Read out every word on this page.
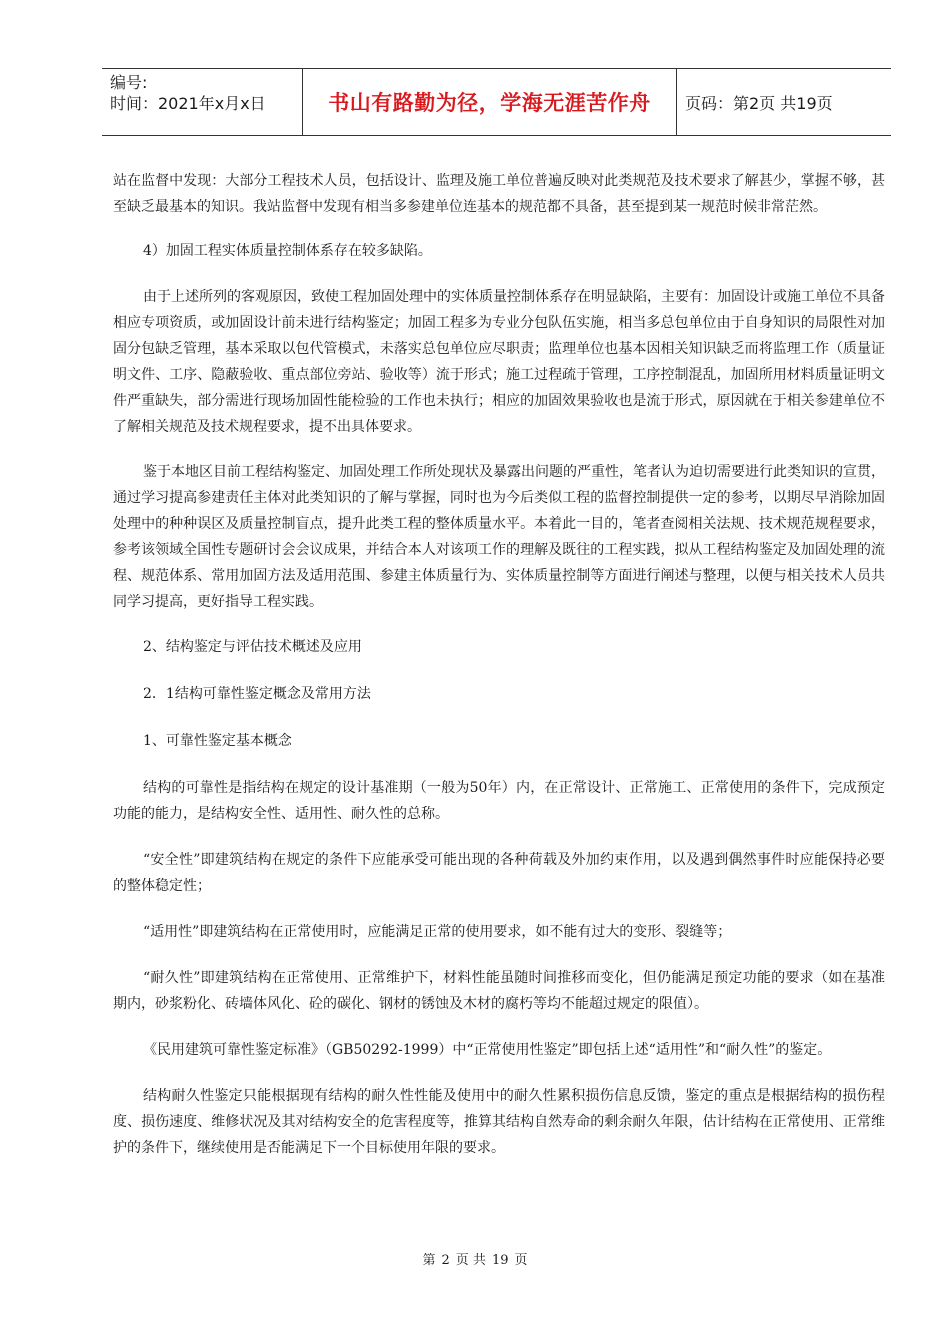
编号:
时间：2021年x月x日	书山有路勤为径，学海无涯苦作舟	页码：第2页 共19页

站在监督中发现：大部分工程技术人员，包括设计、监理及施工单位普遍反映对此类规范及技术要求了解甚少，掌握不够，甚至缺乏最基本的知识。我站监督中发现有相当多参建单位连基本的规范都不具备，甚至提到某一规范时候非常茫然。

4）加固工程实体质量控制体系存在较多缺陷。

由于上述所列的客观原因，致使工程加固处理中的实体质量控制体系存在明显缺陷，主要有：加固设计或施工单位不具备相应专项资质，或加固设计前未进行结构鉴定；加固工程多为专业分包队伍实施，相当多总包单位由于自身知识的局限性对加固分包缺乏管理，基本采取以包代管模式，未落实总包单位应尽职责；监理单位也基本因相关知识缺乏而将监理工作（质量证明文件、工序、隐蔽验收、重点部位旁站、验收等）流于形式；施工过程疏于管理，工序控制混乱，加固所用材料质量证明文件严重缺失，部分需进行现场加固性能检验的工作也未执行；相应的加固效果验收也是流于形式，原因就在于相关参建单位不了解相关规范及技术规程要求，提不出具体要求。

鉴于本地区目前工程结构鉴定、加固处理工作所处现状及暴露出问题的严重性，笔者认为迫切需要进行此类知识的宣贯，通过学习提高参建责任主体对此类知识的了解与掌握，同时也为今后类似工程的监督控制提供一定的参考，以期尽早消除加固处理中的种种误区及质量控制盲点，提升此类工程的整体质量水平。本着此一目的，笔者查阅相关法规、技术规范规程要求，参考该领域全国性专题研讨会会议成果，并结合本人对该项工作的理解及既往的工程实践，拟从工程结构鉴定及加固处理的流程、规范体系、常用加固方法及适用范围、参建主体质量行为、实体质量控制等方面进行阐述与整理，以便与相关技术人员共同学习提高，更好指导工程实践。

2、结构鉴定与评估技术概述及应用

2．1结构可靠性鉴定概念及常用方法

1、可靠性鉴定基本概念

结构的可靠性是指结构在规定的设计基准期（一般为50年）内，在正常设计、正常施工、正常使用的条件下，完成预定功能的能力，是结构安全性、适用性、耐久性的总称。

“安全性”即建筑结构在规定的条件下应能承受可能出现的各种荷载及外加约束作用，以及遇到偶然事件时应能保持必要的整体稳定性；

“适用性”即建筑结构在正常使用时，应能满足正常的使用要求，如不能有过大的变形、裂缝等；

“耐久性”即建筑结构在正常使用、正常维护下，材料性能虽随时间推移而变化，但仍能满足预定功能的要求（如在基准期内，砂浆粉化、砖墙体风化、砼的碳化、钢材的锈蚀及木材的腐朽等均不能超过规定的限值）。

《民用建筑可靠性鉴定标准》（GB50292-1999）中“正常使用性鉴定”即包括上述“适用性”和“耐久性”的鉴定。

结构耐久性鉴定只能根据现有结构的耐久性性能及使用中的耐久性累积损伤信息反馈，鉴定的重点是根据结构的损伤程度、损伤速度、维修状况及其对结构安全的危害程度等，推算其结构自然寿命的剩余耐久年限，估计结构在正常使用、正常维护的条件下，继续使用是否能满足下一个目标使用年限的要求。

第 2 页 共 19 页
